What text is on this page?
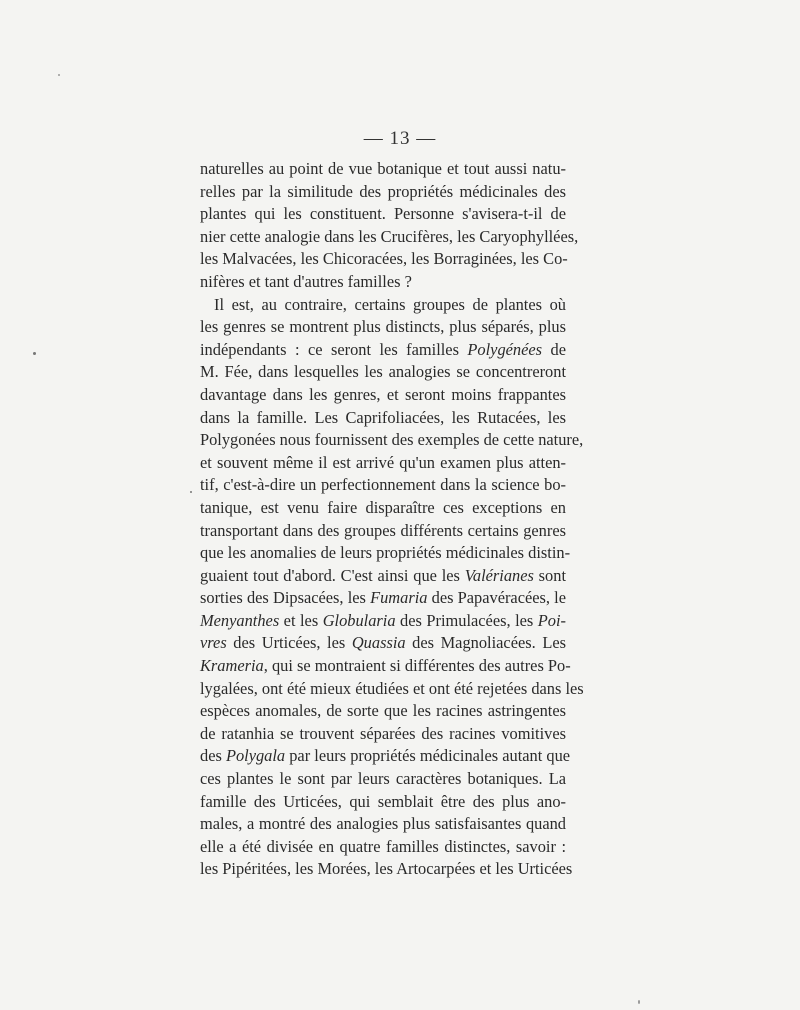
— 13 —
naturelles au point de vue botanique et tout aussi natu-
relles par la similitude des propriétés médicinales des
plantes qui les constituent. Personne s'avisera-t-il de
nier cette analogie dans les Crucifères, les Caryophyllées,
les Malvacées, les Chicoracées, les Borraginées, les Co-
nifères et tant d'autres familles ?
Il est, au contraire, certains groupes de plantes où
les genres se montrent plus distincts, plus séparés, plus
indépendants : ce seront les familles Polygénées de
M. Fée, dans lesquelles les analogies se concentreront
davantage dans les genres, et seront moins frappantes
dans la famille. Les Caprifoliacées, les Rutacées, les
Polygonées nous fournissent des exemples de cette nature,
et souvent même il est arrivé qu'un examen plus atten-
tif, c'est-à-dire un perfectionnement dans la science bo-
tanique, est venu faire disparaître ces exceptions en
transportant dans des groupes différents certains genres
que les anomalies de leurs propriétés médicinales distin-
guaient tout d'abord. C'est ainsi que les Valérianes sont
sorties des Dipsacées, les Fumaria des Papavéracées, le
Menyanthes et les Globularia des Primulacées, les Poi-
vres des Urticées, les Quassia des Magnoliacées. Les
Krameria, qui se montraient si différentes des autres Po-
lygalées, ont été mieux étudiées et ont été rejetées dans les
espèces anomales, de sorte que les racines astringentes
de ratanhia se trouvent séparées des racines vomitives
des Polygala par leurs propriétés médicinales autant que
ces plantes le sont par leurs caractères botaniques. La
famille des Urticées, qui semblait être des plus ano-
males, a montré des analogies plus satisfaisantes quand
elle a été divisée en quatre familles distinctes, savoir :
les Pipéritées, les Morées, les Artocarpées et les Urticées
